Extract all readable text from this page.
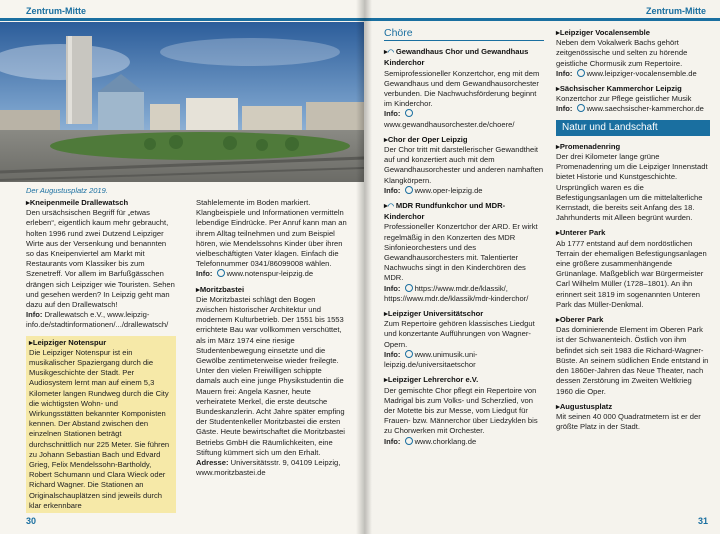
Zentrum-Mitte
Der Augustusplatz 2019.

▸ Kneipenmeile Drallewatsch
Den ursächsischen Begriff für „etwas erleben“, eigentlich kaum mehr gebraucht, holten 1996 rund zwei Dutzend Leipziger Wirte aus der Versenkung und benannten so das Kneipenviertel am Markt mit Restaurants vom Klassiker bis zum Szenetreff. Vor allem im Barfußgässchen drängen sich Leipziger wie Touristen. Sehen und gesehen werden? In Leipzig geht man dazu auf den Drallewatsch!
Info: Drallewatsch e.V., www.leipzig-info.de/stadtinformationen/.../drallewatsch/

▸ Leipziger Notenspur
Die Leipziger Notenspur ist ein musikalischer Spaziergang durch die Musikgeschichte der Stadt. Per Audiosystem lernt man auf einem 5,3 Kilometer langen Rundweg durch die City die wichtigsten Wohn- und Wirkungsstätten bekannter Komponisten kennen. Der Abstand zwischen den einzelnen Stationen beträgt durchschnittlich nur 225 Meter. Sie führen zu Johann Sebastian Bach und Edvard Grieg, Felix Mendelssohn-Bartholdy, Robert Schumann und Clara Wieck oder Richard Wagner. Die Stationen an Originalschauplätzen sind jeweils durch klar erkennbare

Stahlelemente im Boden markiert. Klangbeispiele und Informationen vermitteln lebendige Eindrücke. Per Anruf kann man an ihrem Alltag teilnehmen und zum Beispiel hören, wie Mendelssohns Kinder über ihren vielbeschäftigten Vater klagen. Einfach die Telefonnummer 0341/86099008 wählen.
Info: www.notenspur-leipzig.de

▸ Moritzbastei
Die Moritzbastei schlägt den Bogen zwischen historischer Architektur und modernem Kulturbetrieb. Der 1551 bis 1553 errichtete Bau war vollkommen verschüttet, als im März 1974 eine riesige Studentenbewegung einsetzte und die Gewölbe zentimeterweise wieder freilegte. Unter den vielen Freiwilligen schippte damals auch eine junge Physikstudentin die Mauern frei: Angela Kasner, heute verheiratete Merkel, die erste deutsche Bundeskanzlerin. Acht Jahre später empfing der Studentenkeller Moritzbastei die ersten Gäste. Heute bewirtschaftet die Moritzbastei Betriebs GmbH die Räumlichkeiten, eine Stiftung kümmert sich um den Erhalt.
Adresse: Universitätsstr. 9, 04109 Leipzig, www.moritzbastei.de

30
Zentrum-Mitte
Chöre

▸ ◠ Gewandhaus Chor und Gewandhaus Kinderchor
Semiprofessioneller Konzertchor, eng mit dem Gewandhaus und dem Gewandhausorchester verbunden. Die Nachwuchsförderung beginnt im Kinderchor.
Info: www.gewandhausorchester.de/choere/

▸ Chor der Oper Leipzig
Der Chor tritt mit darstellerischer Gewandtheit auf und konzertiert auch mit dem Gewandhausorchester und anderen namhaften Klangkörpern.
Info: www.oper-leipzig.de

▸ ◠ MDR Rundfunkchor und MDR-Kinderchor
Professioneller Konzertchor der ARD. Er wirkt regelmäßig in den Konzerten des MDR Sinfonieorchesters und des Gewandhausorchesters mit. Talentierter Nachwuchs singt in den Kinderchören des MDR.
Info: https://www.mdr.de/klassik/, https://www.mdr.de/klassik/mdr-kinderchor/

▸ Leipziger Universitätschor
Zum Repertoire gehören klassisches Liedgut und konzertante Aufführungen von Wagner-Opern.
Info: www.unimusik.uni-leipzig.de/universitaetschor

▸ Leipziger Lehrerchor e.V.
Der gemischte Chor pflegt ein Repertoire von Madrigal bis zum Volks- und Scherzlied, von der Motette bis zur Messe, vom Liedgut für Frauen- bzw. Männerchor über Liedzyklen bis zu Chorwerken mit Orchester.
Info: www.chorklang.de

▸ Leipziger Vocalensemble
Neben dem Vokalwerk Bachs gehört zeitgenössische und selten zu hörende geistliche Chormusik zum Repertoire.
Info: www.leipziger-vocalensemble.de

▸ Sächsischer Kammerchor Leipzig
Konzertchor zur Pflege geistlicher Musik
Info: www.saechsischer-kammerchor.de

Natur und Landschaft

▸ Promenadenring
Der drei Kilometer lange grüne Promenadenring um die Leipziger Innenstadt bietet Historie und Kunstgeschichte. Ursprünglich waren es die Befestigungsanlagen um die mittelalterliche Kernstadt, die bereits seit Anfang des 18. Jahrhunderts mit Alleen begrünt wurden.

▸ Unterer Park
Ab 1777 entstand auf dem nordöstlichen Terrain der ehemaligen Befestigungsanlagen eine größere zusammenhängende Grünanlage. Maßgeblich war Bürgermeister Carl Wilhelm Müller (1728–1801). An ihn erinnert seit 1819 im sogenannten Unteren Park das Müller-Denkmal.

▸ Oberer Park
Das dominierende Element im Oberen Park ist der Schwanenteich. Östlich von ihm befindet sich seit 1983 die Richard-Wagner-Büste. An seinem südlichen Ende entstand in den 1860er-Jahren das Neue Theater, nach dessen Zerstörung im Zweiten Weltkrieg 1960 die Oper.

▸ Augustusplatz
Mit seinen 40 000 Quadratmetern ist er der größte Platz in der Stadt.

31
